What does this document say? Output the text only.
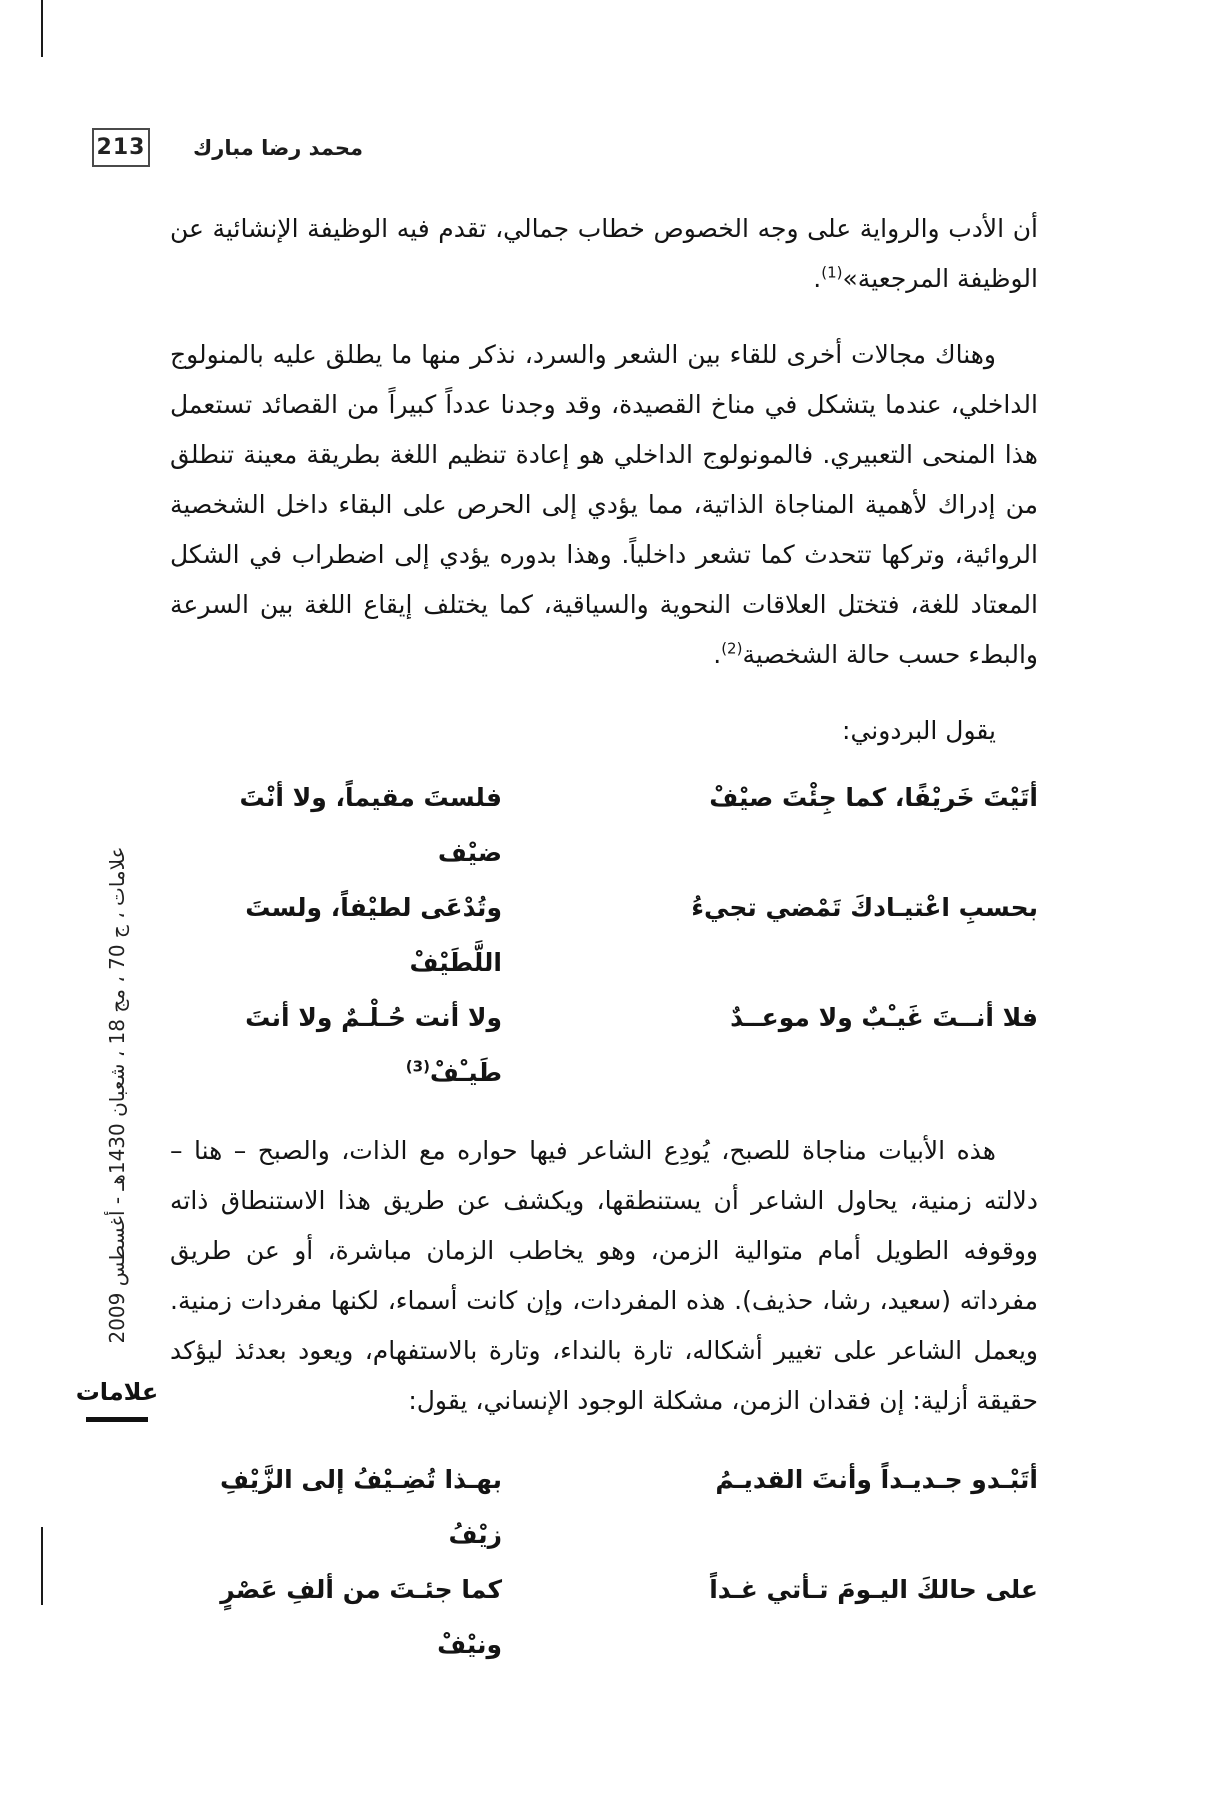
213 محمد رضا مبارك

أن الأدب والرواية على وجه الخصوص خطاب جمالي، تقدم فيه الوظيفة الإنشائية عن الوظيفة المرجعية»$^{(1)}$.

وهناك مجالات أخرى للقاء بين الشعر والسرد، نذكر منها ما يطلق عليه بالمنولوج الداخلي، عندما يتشكل في مناخ القصيدة، وقد وجدنا عدداً كبيراً من القصائد تستعمل هذا المنحى التعبيري. فالمونولوج الداخلي هو إعادة تنظيم اللغة بطريقة معينة تنطلق من إدراك لأهمية المناجاة الذاتية، مما يؤدي إلى الحرص على البقاء داخل الشخصية الروائية، وتركها تتحدث كما تشعر داخلياً. وهذا بدوره يؤدي إلى اضطراب في الشكل المعتاد للغة، فتختل العلاقات النحوية والسياقية، كما يختلف إيقاع اللغة بين السرعة والبطء حسب حالة الشخصية$^{(2)}$.

يقول البردوني:

أتَيْتَ خَريْفًا، كما جِئْتَ صيْفْ
فلستَ مقيماً، ولا أنْتَ ضيْف
بحسبِ اعْتيـادكَ تَمْضي تجيءُ
وتُدْعَى لطيْفاً، ولستَ اللَّطَيْفْ
فلا أنــتَ غَيـْبٌ ولا موعــدٌ
ولا أنت حُـلْـمٌ ولا أنتَ طَيـْفْ$^{(3)}$

هذه الأبيات مناجاة للصبح، يُودِع الشاعر فيها حواره مع الذات، والصبح – هنا – دلالته زمنية، يحاول الشاعر أن يستنطقها، ويكشف عن طريق هذا الاستنطاق ذاته ووقوفه الطويل أمام متوالية الزمن، وهو يخاطب الزمان مباشرة، أو عن طريق مفرداته (سعيد، رشا، حذيف). هذه المفردات، وإن كانت أسماء، لكنها مفردات زمنية. ويعمل الشاعر على تغيير أشكاله، تارة بالنداء، وتارة بالاستفهام، ويعود بعدئذ ليؤكد حقيقة أزلية: إن فقدان الزمن، مشكلة الوجود الإنساني، يقول:

أتَبْـدو جـديـداً وأنتَ القديـمُ
بهـذا تُضِـيْفُ إلى الزَّيْفِ زيْفُ
على حالكَ اليـومَ تـأتي غـداً
كما جئـتَ من ألفِ عَصْرٍ ونيْفْ
علامات ، ج 70 ، مج 18 ، شعبان 1430هـ - أغسطس 2009
علامات
